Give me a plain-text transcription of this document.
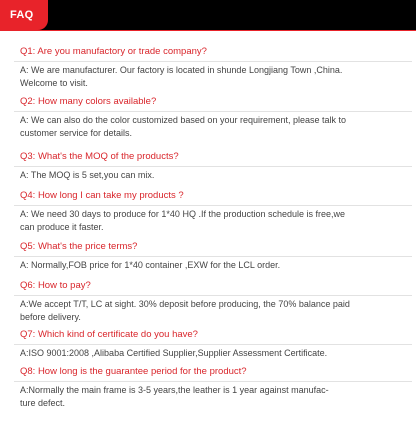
FAQ
Q1: Are you manufactory or trade company?
A: We are manufacturer. Our factory is located in shunde Longjiang Town ,China. Welcome to visit.
Q2: How many colors available?
A: We can also do the color customized based on your requirement, please talk to customer service for details.
Q3: What's the MOQ of the products?
A: The MOQ is 5 set,you can mix.
Q4: How long I can take my products ?
A: We need 30 days to produce for 1*40 HQ .If the production schedule is free,we can produce it faster.
Q5: What's the price terms?
A: Normally,FOB price for 1*40 container ,EXW for the LCL order.
Q6: How to pay?
A:We accept T/T, LC at sight. 30% deposit before producing, the 70% balance paid before delivery.
Q7: Which kind of certificate do you have?
A:ISO 9001:2008 ,Alibaba Certified Supplier,Supplier Assessment Certificate.
Q8: How long is the guarantee period for the product?
A:Normally the main frame is 3-5 years,the leather is 1 year against manufac- ture defect.
